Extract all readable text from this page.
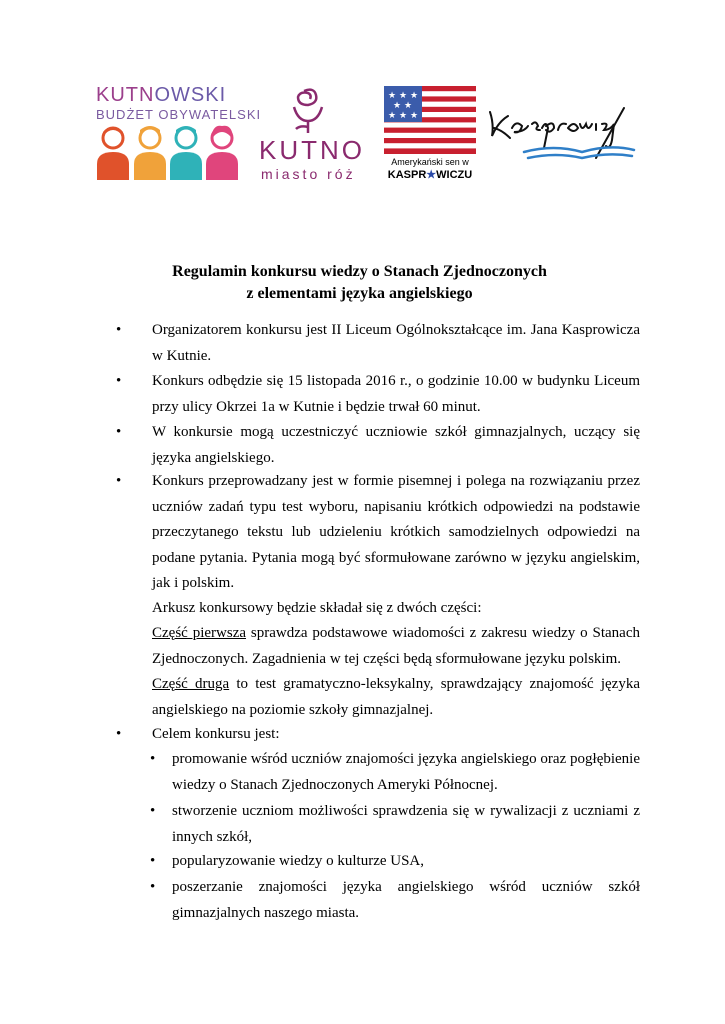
KUTNOWSKI
BUDŻET OBYWATELSKI
KUTNO
miasto róż
★ ★ ★
★ ★
★ ★ ★
Amerykański sen w
KASPR★WICZU
Regulamin konkursu wiedzy o Stanach Zjednoczonych
z elementami języka angielskiego
• Organizatorem konkursu jest II Liceum Ogólnokształcące im. Jana Kasprowicza w Kutnie.
• Konkurs odbędzie się 15 listopada 2016 r., o godzinie 10.00 w budynku Liceum przy ulicy Okrzei 1a w Kutnie i będzie trwał 60 minut.
• W konkursie mogą uczestniczyć uczniowie szkół gimnazjalnych, uczący się języka angielskiego.
• Konkurs przeprowadzany jest w formie pisemnej i polega na rozwiązaniu przez uczniów zadań typu test wyboru, napisaniu krótkich odpowiedzi na podstawie przeczytanego tekstu lub udzieleniu krótkich samodzielnych odpowiedzi na podane pytania. Pytania mogą być sformułowane zarówno w języku angielskim, jak i polskim.
Arkusz konkursowy będzie składał się z dwóch części:
Część pierwsza sprawdza podstawowe wiadomości z zakresu wiedzy o Stanach Zjednoczonych. Zagadnienia w tej części będą sformułowane języku polskim.
Część druga to test gramatyczno-leksykalny, sprawdzający znajomość języka angielskiego na poziomie szkoły gimnazjalnej.
• Celem konkursu jest:
• promowanie wśród uczniów znajomości języka angielskiego oraz pogłębienie wiedzy o Stanach Zjednoczonych Ameryki Północnej.
• stworzenie uczniom możliwości sprawdzenia się w rywalizacji z uczniami z innych szkół,
• popularyzowanie wiedzy o kulturze USA,
• poszerzanie znajomości języka angielskiego wśród uczniów szkół gimnazjalnych naszego miasta.
